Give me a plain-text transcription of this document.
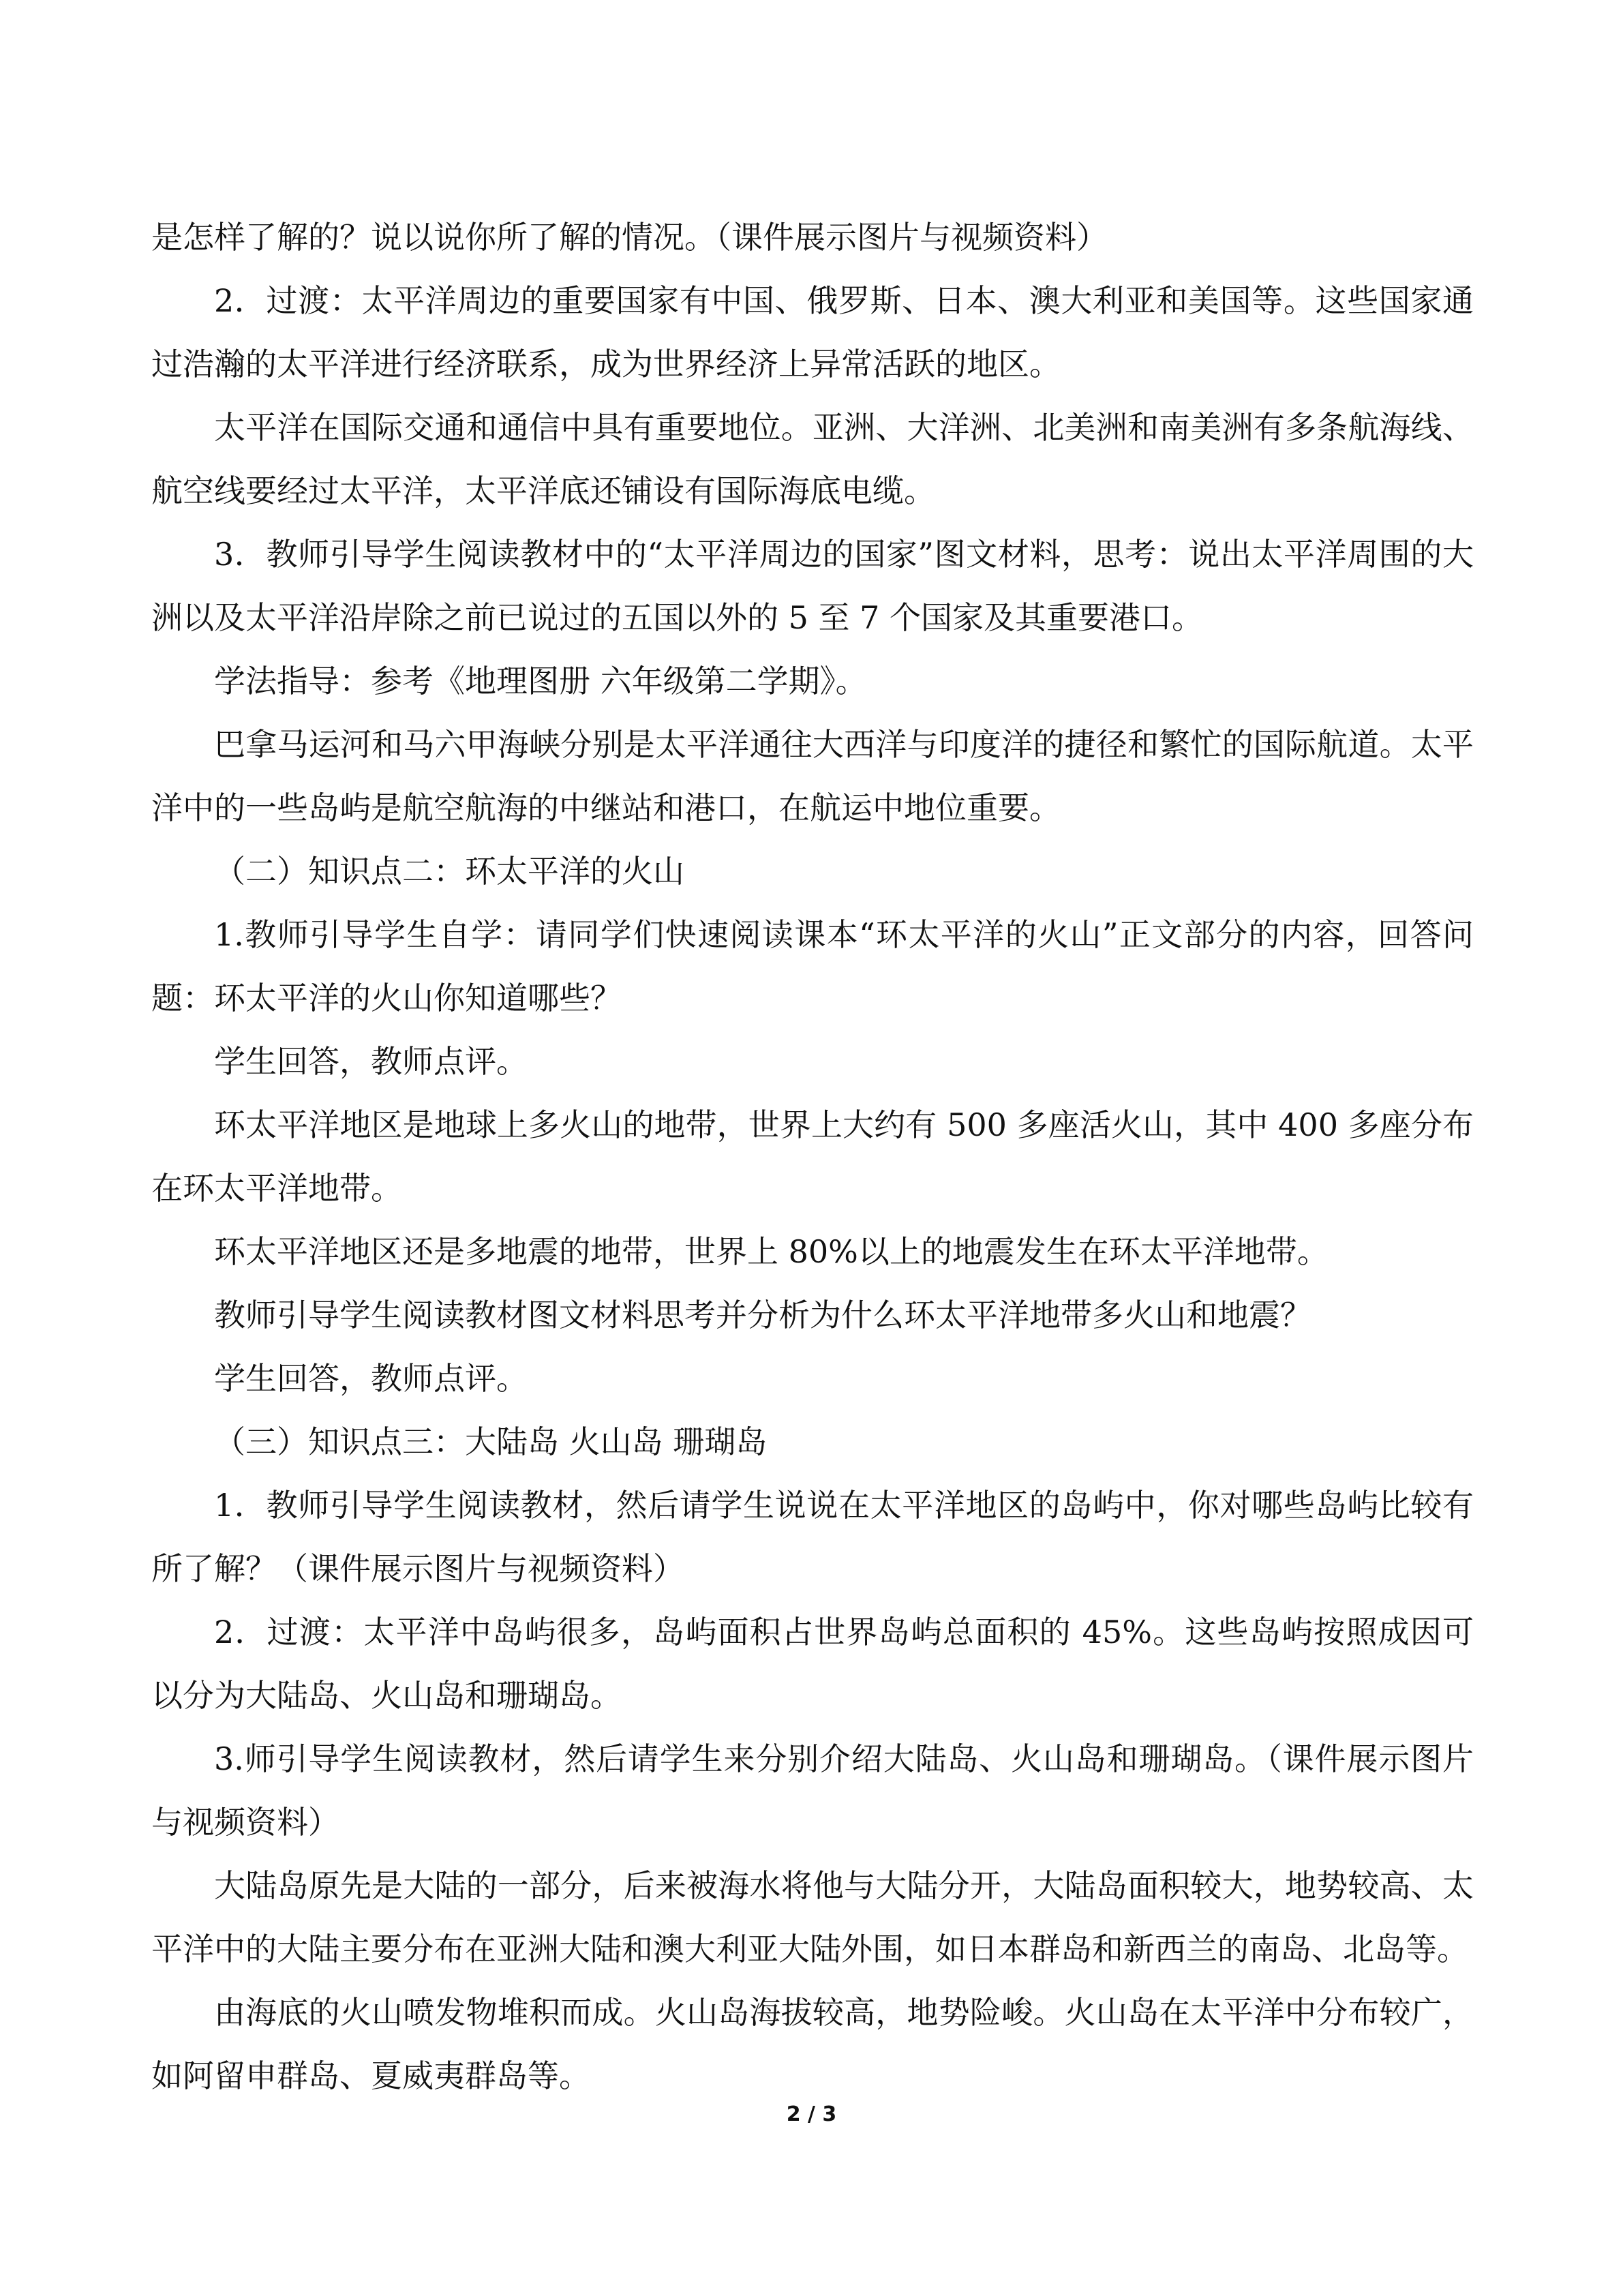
是怎样了解的？说以说你所了解的情况。（课件展示图片与视频资料）

2．过渡：太平洋周边的重要国家有中国、俄罗斯、日本、澳大利亚和美国等。这些国家通过浩瀚的太平洋进行经济联系，成为世界经济上异常活跃的地区。

太平洋在国际交通和通信中具有重要地位。亚洲、大洋洲、北美洲和南美洲有多条航海线、航空线要经过太平洋，太平洋底还铺设有国际海底电缆。

3．教师引导学生阅读教材中的“太平洋周边的国家”图文材料，思考：说出太平洋周围的大洲以及太平洋沿岸除之前已说过的五国以外的 5 至 7 个国家及其重要港口。

学法指导：参考《地理图册 六年级第二学期》。

巴拿马运河和马六甲海峡分别是太平洋通往大西洋与印度洋的捷径和繁忙的国际航道。太平洋中的一些岛屿是航空航海的中继站和港口，在航运中地位重要。

（二）知识点二：环太平洋的火山

1.教师引导学生自学：请同学们快速阅读课本“环太平洋的火山”正文部分的内容，回答问题：环太平洋的火山你知道哪些？

学生回答，教师点评。

环太平洋地区是地球上多火山的地带，世界上大约有 500 多座活火山，其中 400 多座分布在环太平洋地带。

环太平洋地区还是多地震的地带，世界上 80%以上的地震发生在环太平洋地带。

教师引导学生阅读教材图文材料思考并分析为什么环太平洋地带多火山和地震？

学生回答，教师点评。

（三）知识点三：大陆岛 火山岛 珊瑚岛

1．教师引导学生阅读教材，然后请学生说说在太平洋地区的岛屿中，你对哪些岛屿比较有所了解？（课件展示图片与视频资料）

2．过渡：太平洋中岛屿很多，岛屿面积占世界岛屿总面积的 45%。这些岛屿按照成因可以分为大陆岛、火山岛和珊瑚岛。

3.师引导学生阅读教材，然后请学生来分别介绍大陆岛、火山岛和珊瑚岛。（课件展示图片与视频资料）

大陆岛原先是大陆的一部分，后来被海水将他与大陆分开，大陆岛面积较大，地势较高、太平洋中的大陆主要分布在亚洲大陆和澳大利亚大陆外围，如日本群岛和新西兰的南岛、北岛等。

由海底的火山喷发物堆积而成。火山岛海拔较高，地势险峻。火山岛在太平洋中分布较广，如阿留申群岛、夏威夷群岛等。

2 / 3
